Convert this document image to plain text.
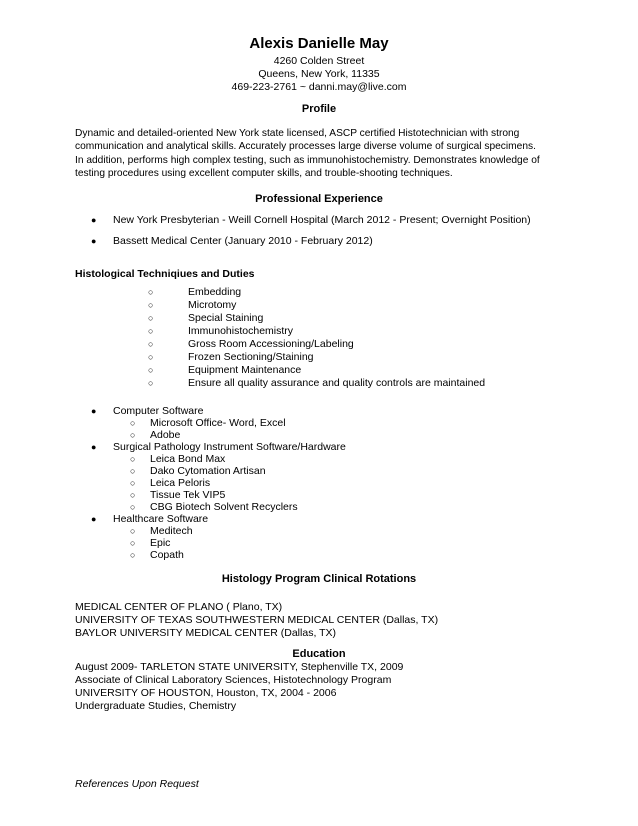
Alexis Danielle May
4260 Colden Street
Queens, New York, 11335
469-223-2761 ~ danni.may@live.com
Profile
Dynamic and detailed-oriented New York state licensed, ASCP certified Histotechnician with strong
communication and analytical skills. Accurately processes large diverse volume of surgical specimens.
In addition, performs high complex testing, such as immunohistochemistry. Demonstrates knowledge of
testing procedures using excellent computer skills, and trouble-shooting techniques.
Professional Experience
● New York Presbyterian - Weill Cornell Hospital (March 2012 - Present; Overnight Position)
● Bassett Medical Center (January 2010 - February 2012)
Histological Techniqiues and Duties
○	Embedding
○	Microtomy
○	Special Staining
○	Immunohistochemistry
○	Gross Room Accessioning/Labeling
○	Frozen Sectioning/Staining
○	Equipment Maintenance
○	Ensure all quality assurance and quality controls are maintained
● Computer Software
○ Microsoft Office- Word, Excel
○ Adobe
● Surgical Pathology Instrument Software/Hardware
○ Leica Bond Max
○ Dako Cytomation Artisan
○ Leica Peloris
○ Tissue Tek VIP5
○ CBG Biotech Solvent Recyclers
● Healthcare Software
○ Meditech
○ Epic
○ Copath
Histology Program Clinical Rotations
MEDICAL CENTER OF PLANO ( Plano, TX)
UNIVERSITY OF TEXAS SOUTHWESTERN MEDICAL CENTER (Dallas, TX)
BAYLOR UNIVERSITY MEDICAL CENTER (Dallas, TX)
Education
August 2009- TARLETON STATE UNIVERSITY, Stephenville TX, 2009
Associate of Clinical Laboratory Sciences, Histotechnology Program
UNIVERSITY OF HOUSTON, Houston, TX, 2004 - 2006
Undergraduate Studies, Chemistry
References Upon Request
